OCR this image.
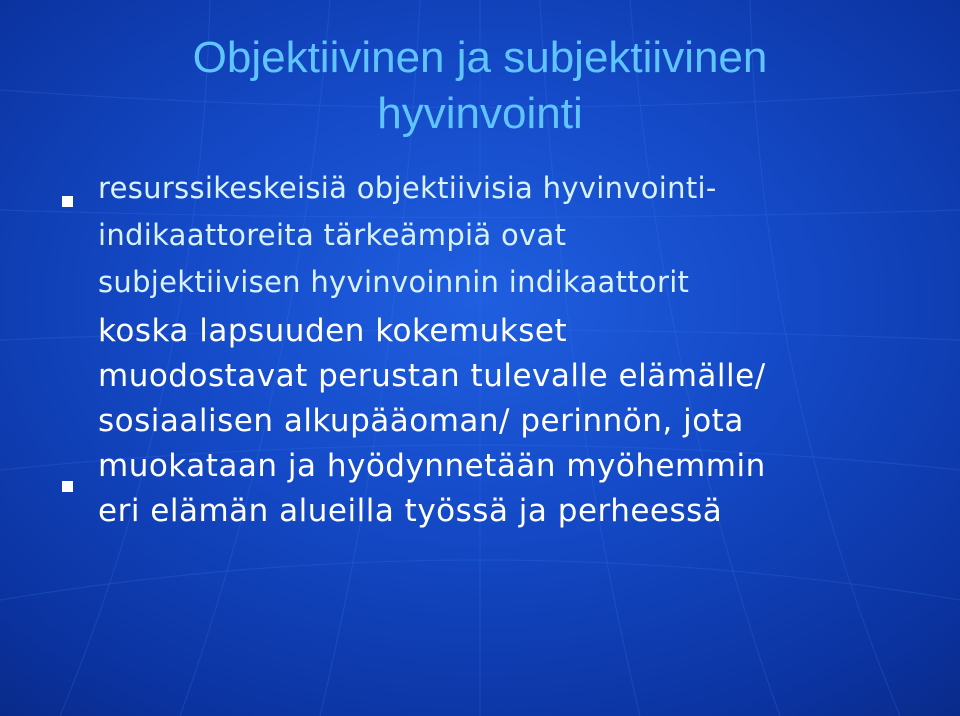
Objektiivinen ja subjektiivinen
hyvinvointi
resurssikeskeisiä objektiivisia hyvinvointi-
indikaattoreita tärkeämpiä ovat
subjektiivisen hyvinvoinnin indikaattorit
koska lapsuuden kokemukset
muodostavat perustan tulevalle elämälle/
sosiaalisen alkupääoman/ perinnön, jota
muokataan ja hyödynnetään myöhemmin
eri elämän alueilla työssä ja perheessä
